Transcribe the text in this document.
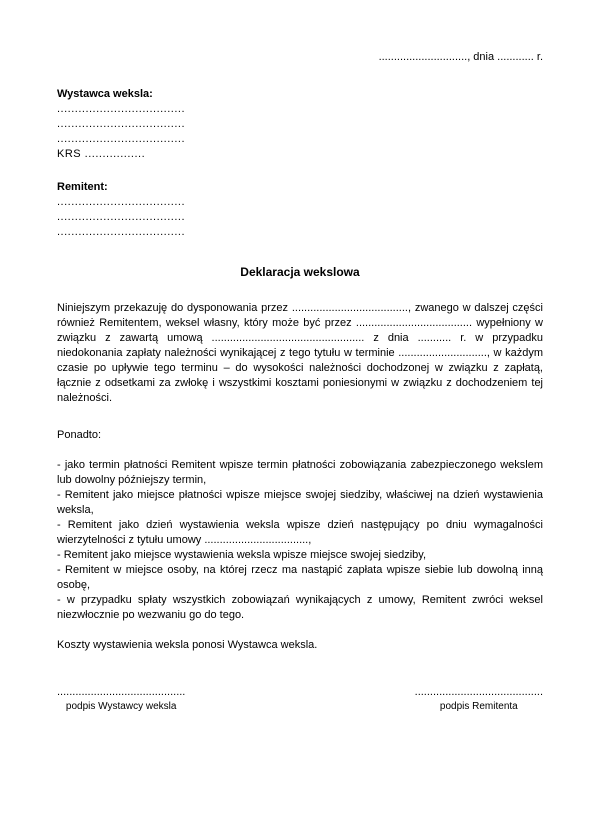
............................., dnia ............ r.
Wystawca weksla:
....................................
....................................
....................................
KRS .................
Remitent:
....................................
....................................
....................................
Deklaracja wekslowa

Niniejszym przekazuję do dysponowania przez ......................................, zwanego w dalszej części również Remitentem, weksel własny, który może być przez ...................................... wypełniony w związku z zawartą umową .................................................. z dnia ........... r. w przypadku niedokonania zapłaty należności wynikającej z tego tytułu w terminie ............................., w każdym czasie po upływie tego terminu – do wysokości należności dochodzonej w związku z zapłatą, łącznie z odsetkami za zwłokę i wszystkimi kosztami poniesionymi w związku z dochodzeniem tej należności.

Ponadto:

- jako termin płatności Remitent wpisze termin płatności zobowiązania zabezpieczonego wekslem lub dowolny późniejszy termin,

- Remitent jako miejsce płatności wpisze miejsce swojej siedziby, właściwej na dzień wystawienia weksla,

- Remitent jako dzień wystawienia weksla wpisze dzień następujący po dniu wymagalności wierzytelności z tytułu umowy ..................................,

- Remitent jako miejsce wystawienia weksla wpisze miejsce swojej siedziby,

- Remitent w miejsce osoby, na której rzecz ma nastąpić zapłata wpisze siebie lub dowolną inną osobę,

- w przypadku spłaty wszystkich zobowiązań wynikających z umowy, Remitent zwróci weksel niezwłocznie po wezwaniu go do tego.

Koszty wystawienia weksla ponosi Wystawca weksla.

..........................................
podpis Wystawcy weksla
..........................................
podpis Remitenta
